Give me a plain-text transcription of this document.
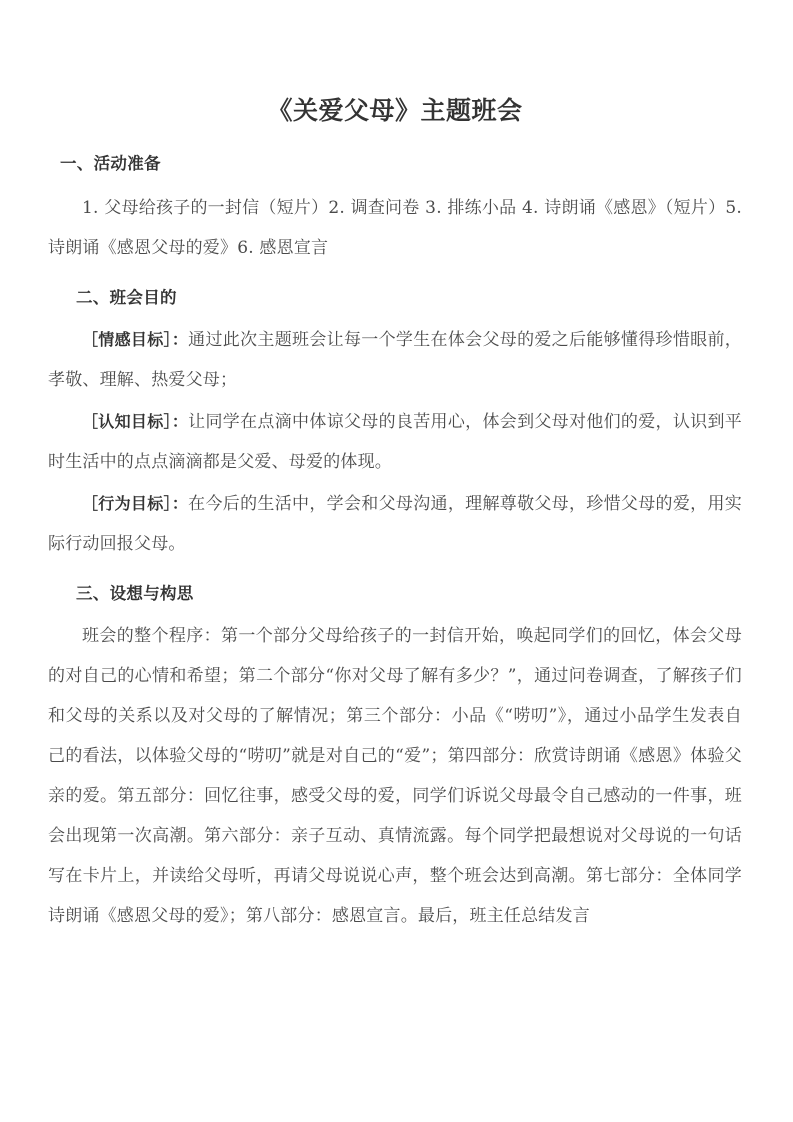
《关爱父母》主题班会
一、活动准备

1. 父母给孩子的一封信（短片）2. 调查问卷 3. 排练小品 4. 诗朗诵《感恩》（短片）5. 诗朗诵《感恩父母的爱》6. 感恩宣言

二、班会目的

［情感目标］：通过此次主题班会让每一个学生在体会父母的爱之后能够懂得珍惜眼前，孝敬、理解、热爱父母；

［认知目标］：让同学在点滴中体谅父母的良苦用心，体会到父母对他们的爱，认识到平时生活中的点点滴滴都是父爱、母爱的体现。

［行为目标］：在今后的生活中，学会和父母沟通，理解尊敬父母，珍惜父母的爱，用实际行动回报父母。

三、设想与构思

班会的整个程序：第一个部分父母给孩子的一封信开始，唤起同学们的回忆，体会父母的对自己的心情和希望；第二个部分“你对父母了解有多少？”，通过问卷调查，了解孩子们和父母的关系以及对父母的了解情况；第三个部分：小品《“唠叨”》，通过小品学生发表自己的看法，以体验父母的“唠叨”就是对自己的“爱”；第四部分：欣赏诗朗诵《感恩》体验父亲的爱。第五部分：回忆往事，感受父母的爱，同学们诉说父母最令自己感动的一件事，班会出现第一次高潮。第六部分：亲子互动、真情流露。每个同学把最想说对父母说的一句话写在卡片上，并读给父母听，再请父母说说心声，整个班会达到高潮。第七部分：全体同学诗朗诵《感恩父母的爱》；第八部分：感恩宣言。最后，班主任总结发言
